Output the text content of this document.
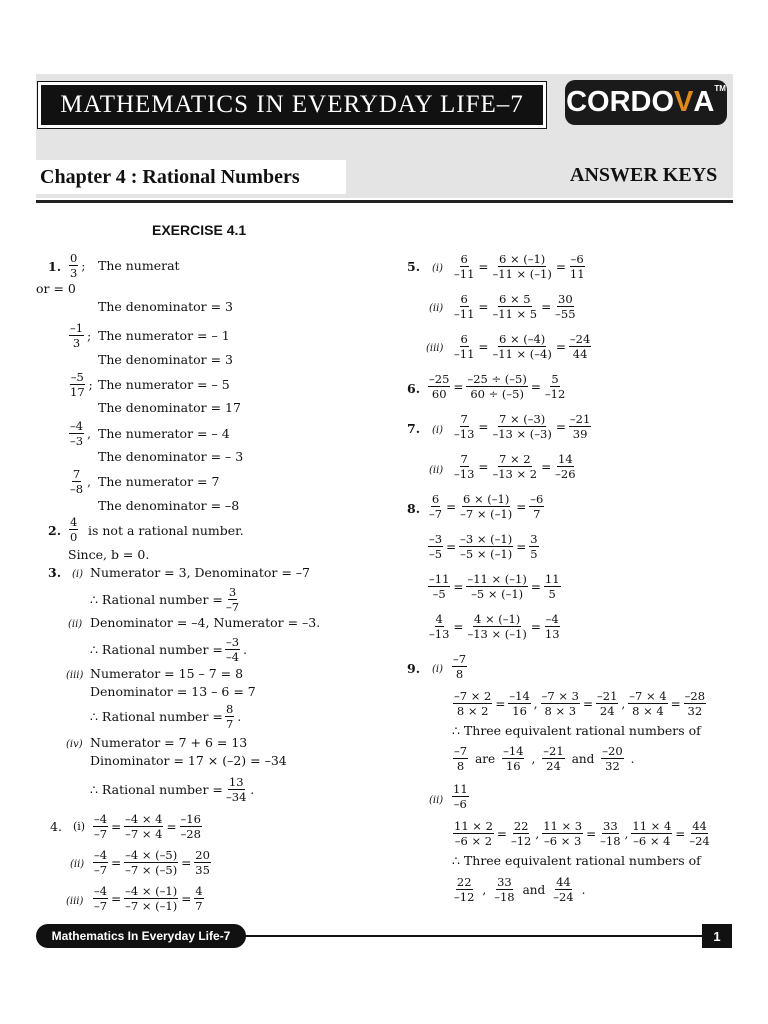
MATHEMATICS IN EVERYDAY LIFE–7	CORDO V A™
Chapter 4 : Rational Numbers	ANSWER KEYS
EXERCISE 4.1
1. $\frac{0}{3}$ ; The numerat
or = 0
The denominator = 3
$\frac{-1}{3}$ ; The numerator = – 1
The denominator = 3
$\frac{-5}{17}$ ; The numerator = – 5
The denominator = 17
$\frac{-4}{-3}$ , The numerator = – 4
The denominator = – 3
$\frac{7}{-8}$ , The numerator = 7
The denominator = –8
2. $\frac{4}{0}$ is not a rational number.
Since, b = 0.
3. (i) Numerator = 3, Denominator = –7
∴ Rational number = $\frac{3}{-7}$
(ii) Denominator = –4, Numerator = –3.
∴ Rational number = $\frac{-3}{-4}$ .
(iii) Numerator = 15 – 7 = 8
Denominator = 13 – 6 = 7
∴ Rational number = $\frac{8}{7}$ .
(iv) Numerator = 7 + 6 = 13
Dinominator = 17 × (–2) = –34
∴ Rational number = $\frac{13}{-34}$ .
4. $(i) \frac{-4}{-7} = \frac{-4 \times 4}{-7 \times 4} = \frac{-16}{-28}$
$(ii) \frac{-4}{-7} = \frac{-4 \times (-5)}{-7 \times (-5)} = \frac{20}{35}$
$(iii) \frac{-4}{-7} = \frac{-4 \times (-1)}{-7 \times (-1)} = \frac{4}{7}$
5. $(i) \frac{6}{-11} = \frac{6 \times (-1)}{-11 \times (-1)} = \frac{-6}{11}$
$(ii) \frac{6}{-11} = \frac{6 \times 5}{-11 \times 5} = \frac{30}{-55}$
$(iii) \frac{6}{-11} = \frac{6 \times (-4)}{-11 \times (-4)} = \frac{-24}{44}$
6. $\frac{-25}{60} = \frac{-25 \div (-5)}{60 \div (-5)} = \frac{5}{-12}$
7. $(i) \frac{7}{-13} = \frac{7 \times (-3)}{-13 \times (-3)} = \frac{-21}{39}$
$(ii) \frac{7}{-13} = \frac{7 \times 2}{-13 \times 2} = \frac{14}{-26}$
8. $\frac{6}{-7} = \frac{6 \times (-1)}{-7 \times (-1)} = \frac{-6}{7}$
$\frac{-3}{-5} = \frac{-3 \times (-1)}{-5 \times (-1)} = \frac{3}{5}$
$\frac{-11}{-5} = \frac{-11 \times (-1)}{-5 \times (-1)} = \frac{11}{5}$
$\frac{4}{-13} = \frac{4 \times (-1)}{-13 \times (-1)} = \frac{-4}{13}$
9. $(i) \frac{-7}{8}$
$\frac{-7 \times 2}{8 \times 2} = \frac{-14}{16}$ , $\frac{-7 \times 3}{8 \times 3} = \frac{-21}{24}$ , $\frac{-7 \times 4}{8 \times 4} = \frac{-28}{32}$
∴ Three equivalent rational numbers of
$\frac{-7}{8}$ are $\frac{-14}{16}$ , $\frac{-21}{24}$ and $\frac{-20}{32}$ .
$(ii) \frac{11}{-6}$
$\frac{11 \times 2}{-6 \times 2} = \frac{22}{-12}$ , $\frac{11 \times 3}{-6 \times 3} = \frac{33}{-18}$ , $\frac{11 \times 4}{-6 \times 4} = \frac{44}{-24}$
∴ Three equivalent rational numbers of
$\frac{22}{-12}$ , $\frac{33}{-18}$ and $\frac{44}{-24}$ .
Mathematics In Everyday Life-7	1
